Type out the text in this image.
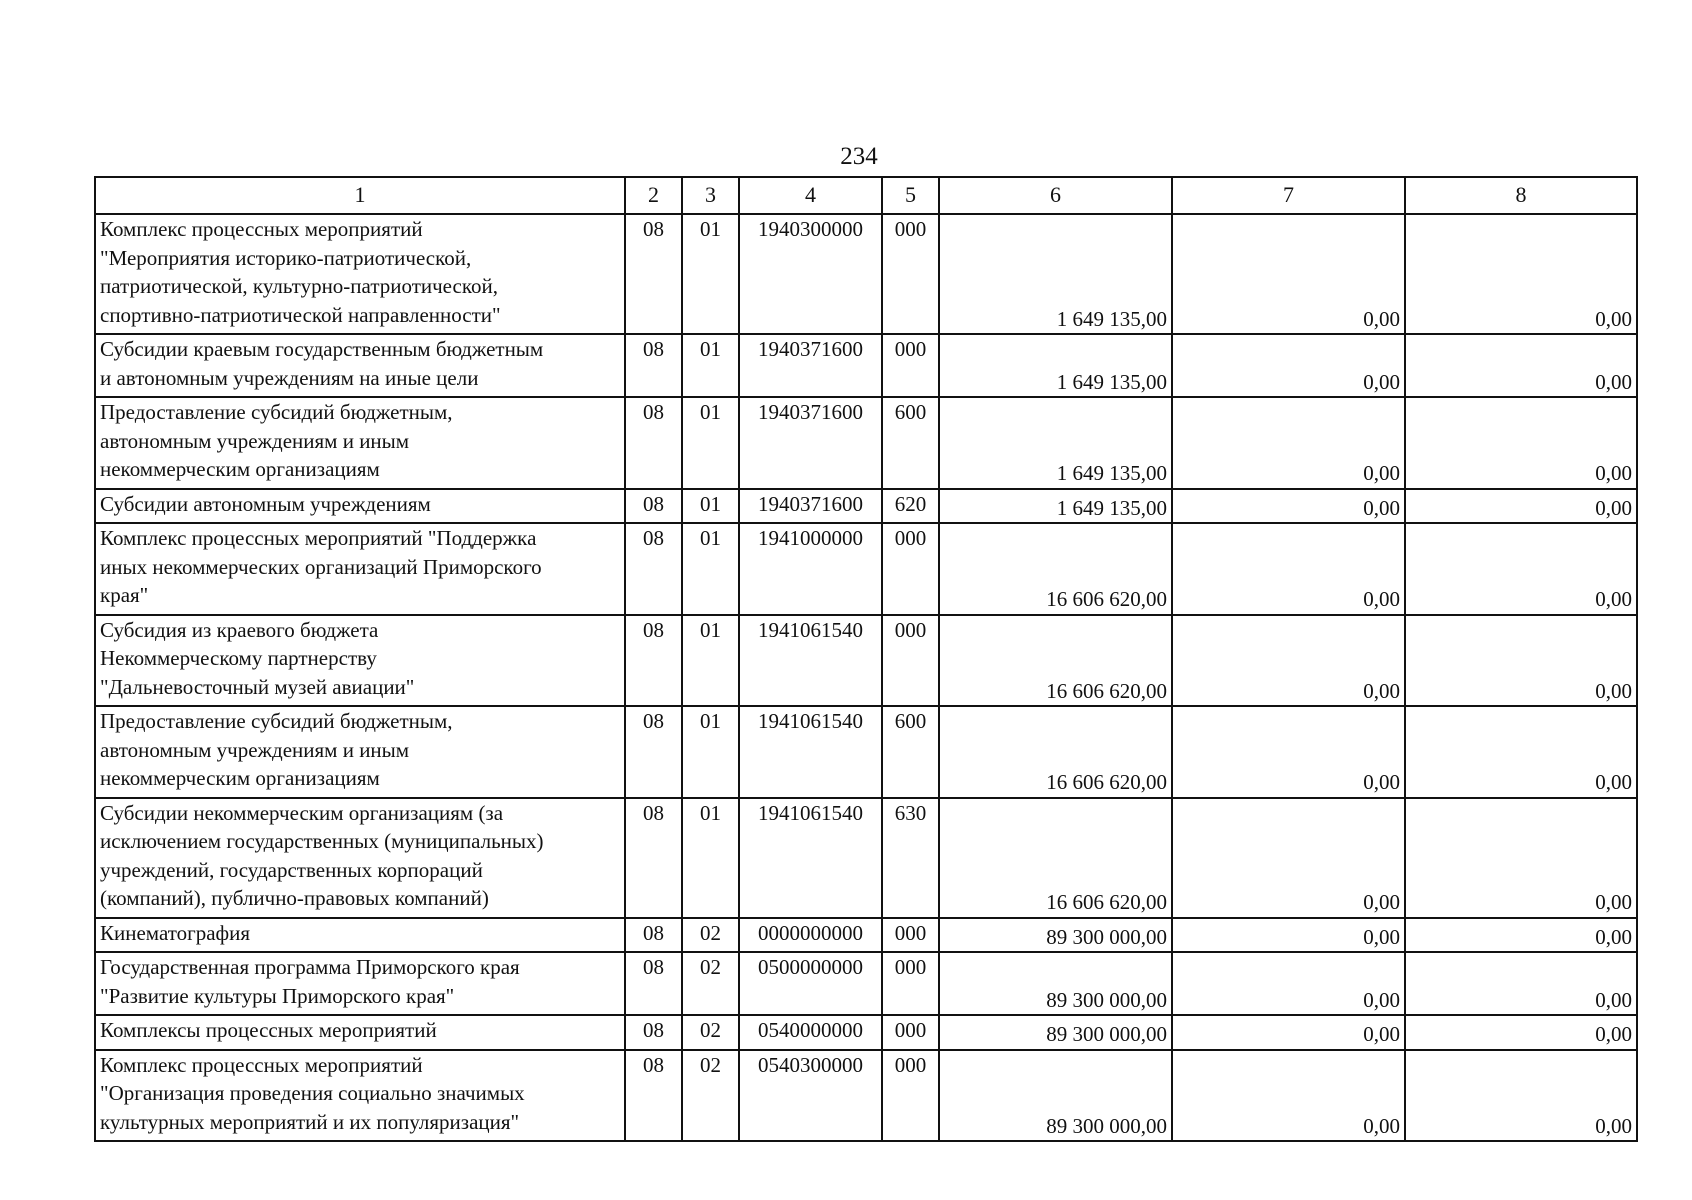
234
1	2	3	4	5	6	7	8

Комплекс процессных мероприятий
"Мероприятия историко-патриотической,
патриотической, культурно-патриотической,
спортивно-патриотической направленности"	08	01	1940300000	000	1 649 135,00	0,00	0,00

Субсидии краевым государственным бюджетным
и автономным учреждениям на иные цели	08	01	1940371600	000	1 649 135,00	0,00	0,00

Предоставление субсидий бюджетным,
автономным учреждениям и иным
некоммерческим организациям	08	01	1940371600	600	1 649 135,00	0,00	0,00

Субсидии автономным учреждениям	08	01	1940371600	620	1 649 135,00	0,00	0,00

Комплекс процессных мероприятий "Поддержка
иных некоммерческих организаций Приморского
края"	08	01	1941000000	000	16 606 620,00	0,00	0,00

Субсидия из краевого бюджета
Некоммерческому партнерству
"Дальневосточный музей авиации"	08	01	1941061540	000	16 606 620,00	0,00	0,00

Предоставление субсидий бюджетным,
автономным учреждениям и иным
некоммерческим организациям	08	01	1941061540	600	16 606 620,00	0,00	0,00

Субсидии некоммерческим организациям (за
исключением государственных (муниципальных)
учреждений, государственных корпораций
(компаний), публично-правовых компаний)	08	01	1941061540	630	16 606 620,00	0,00	0,00

Кинематография	08	02	0000000000	000	89 300 000,00	0,00	0,00

Государственная программа Приморского края
"Развитие культуры Приморского края"	08	02	0500000000	000	89 300 000,00	0,00	0,00

Комплексы процессных мероприятий	08	02	0540000000	000	89 300 000,00	0,00	0,00

Комплекс процессных мероприятий
"Организация проведения социально значимых
культурных мероприятий и их популяризация"	08	02	0540300000	000	89 300 000,00	0,00	0,00
